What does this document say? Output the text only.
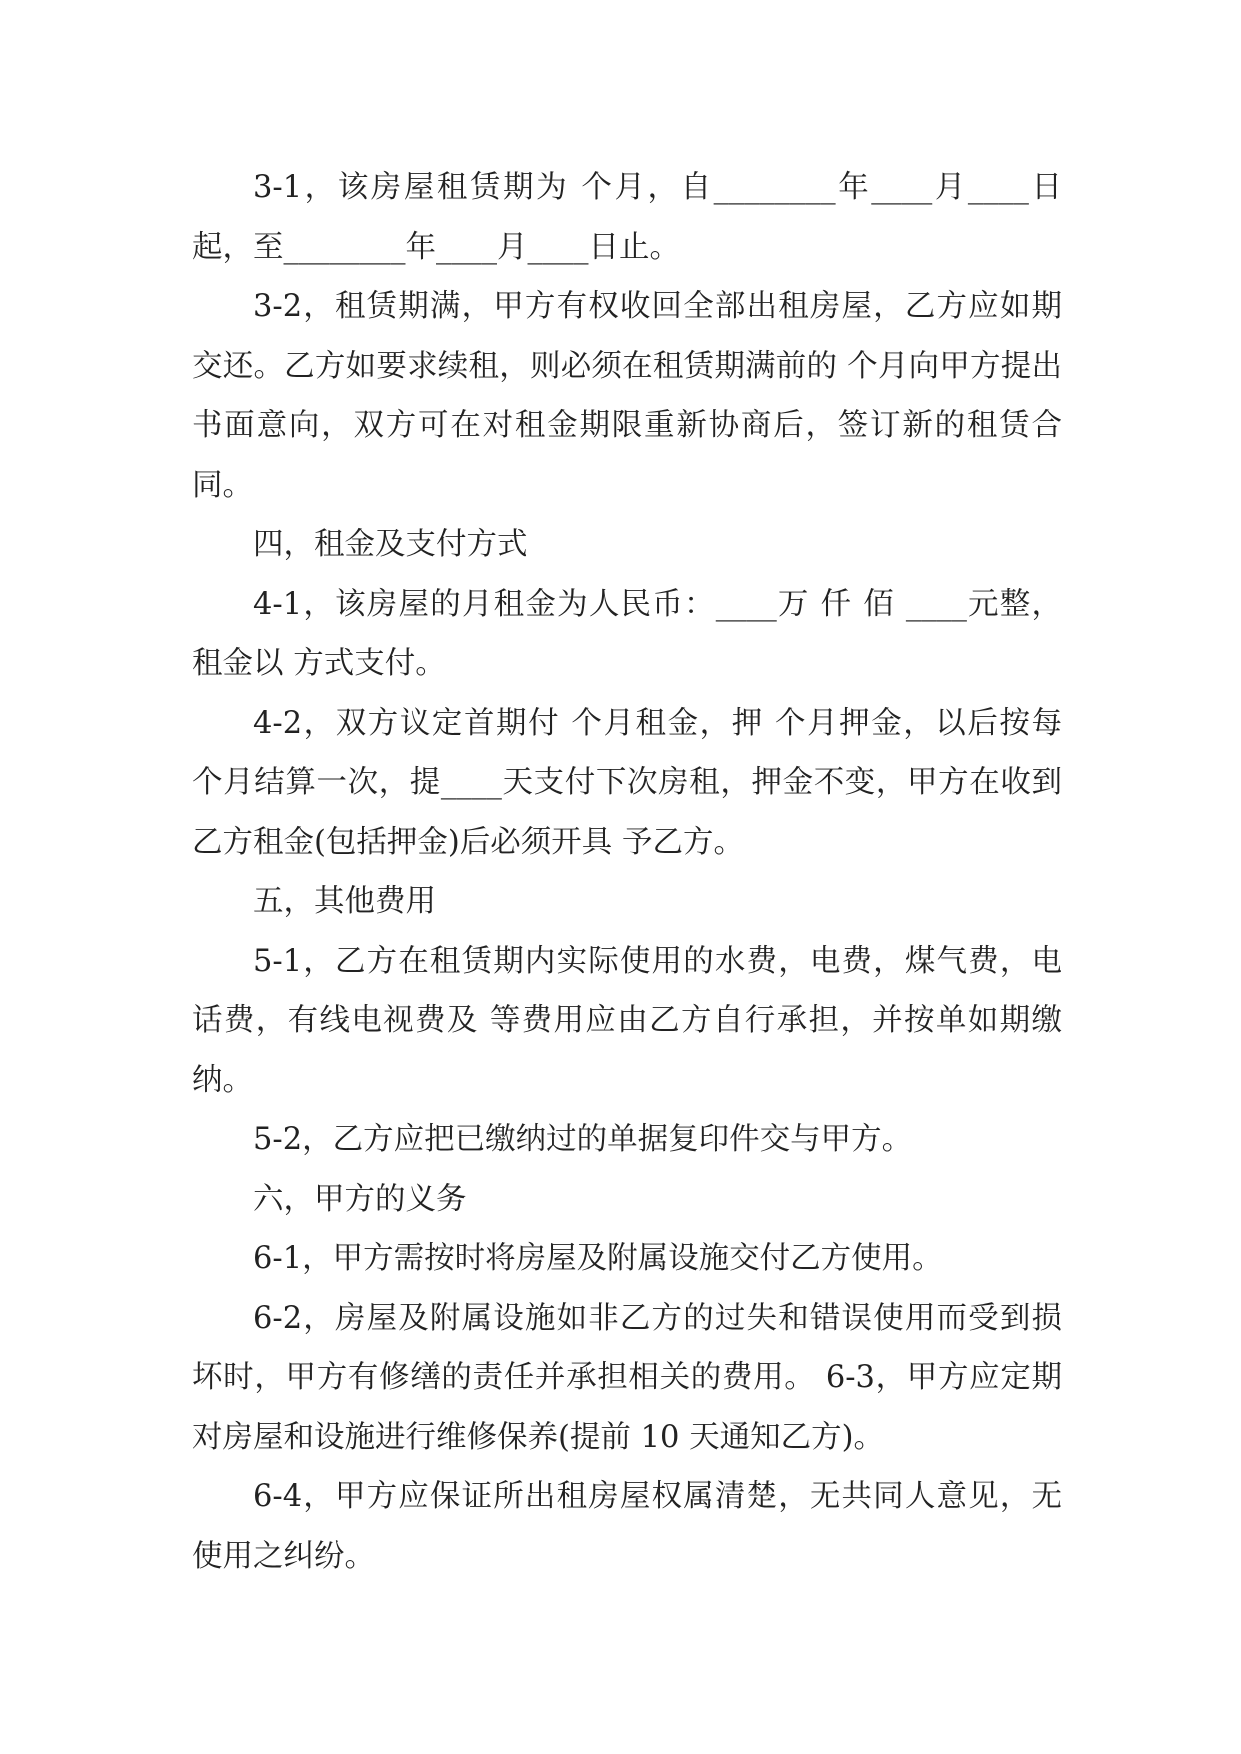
3-1，该房屋租赁期为 个月，自________年____月____日起，至________年____月____日止。

3-2，租赁期满，甲方有权收回全部出租房屋，乙方应如期交还。乙方如要求续租，则必须在租赁期满前的 个月向甲方提出书面意向，双方可在对租金期限重新协商后，签订新的租赁合同。

四，租金及支付方式

4-1，该房屋的月租金为人民币：____万 仟 佰 ____元整，租金以 方式支付。

4-2，双方议定首期付 个月租金，押 个月押金，以后按每 个月结算一次，提____天支付下次房租，押金不变，甲方在收到乙方租金(包括押金)后必须开具 予乙方。

五，其他费用

5-1，乙方在租赁期内实际使用的水费，电费，煤气费，电话费，有线电视费及 等费用应由乙方自行承担，并按单如期缴纳。

5-2，乙方应把已缴纳过的单据复印件交与甲方。

六，甲方的义务

6-1，甲方需按时将房屋及附属设施交付乙方使用。

6-2，房屋及附属设施如非乙方的过失和错误使用而受到损坏时，甲方有修缮的责任并承担相关的费用。 6-3，甲方应定期对房屋和设施进行维修保养(提前 10 天通知乙方)。

6-4，甲方应保证所出租房屋权属清楚，无共同人意见，无使用之纠纷。
